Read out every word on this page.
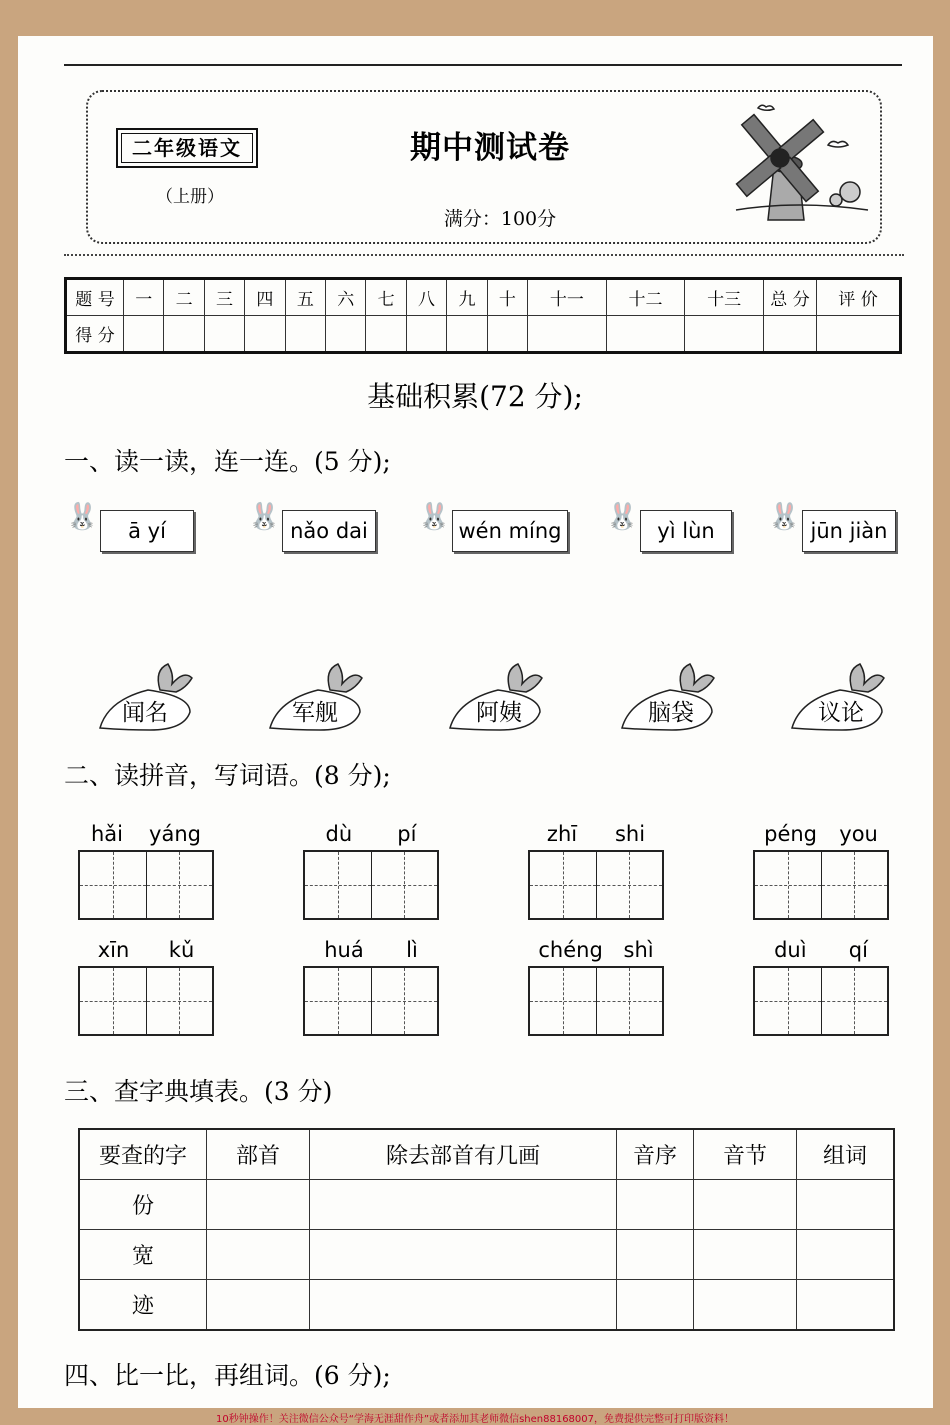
二年级语文
（上册）
期中测试卷
满分：100分
题 号	一	二	三	四	五	六	七	八	九	十	十一	十二	十三	总 分	评 价
得 分															
基础积累(72 分);
一、读一读，连一连。(5 分);
🐰	ā yí	🐰 nǎo dai	🐰 wén míng 🐰 yì lùn	🐰 jūn jiàn
闻名	军舰	阿姨	脑袋	议论
二、读拼音，写词语。(8 分);
hǎi yáng	dù pí	zhī shi	péng you
xīn kǔ	huá lì	chéng shì	duì qí
三、查字典填表。(3 分)
要查的字	部首	除去部首有几画	音序	音节	组词
份					
宽					
迹					
四、比一比，再组词。(6 分);
10秒钟操作！关注微信公众号“学海无涯甜作舟”或者添加其老师微信shen88168007，免费提供完整可打印版资料！
